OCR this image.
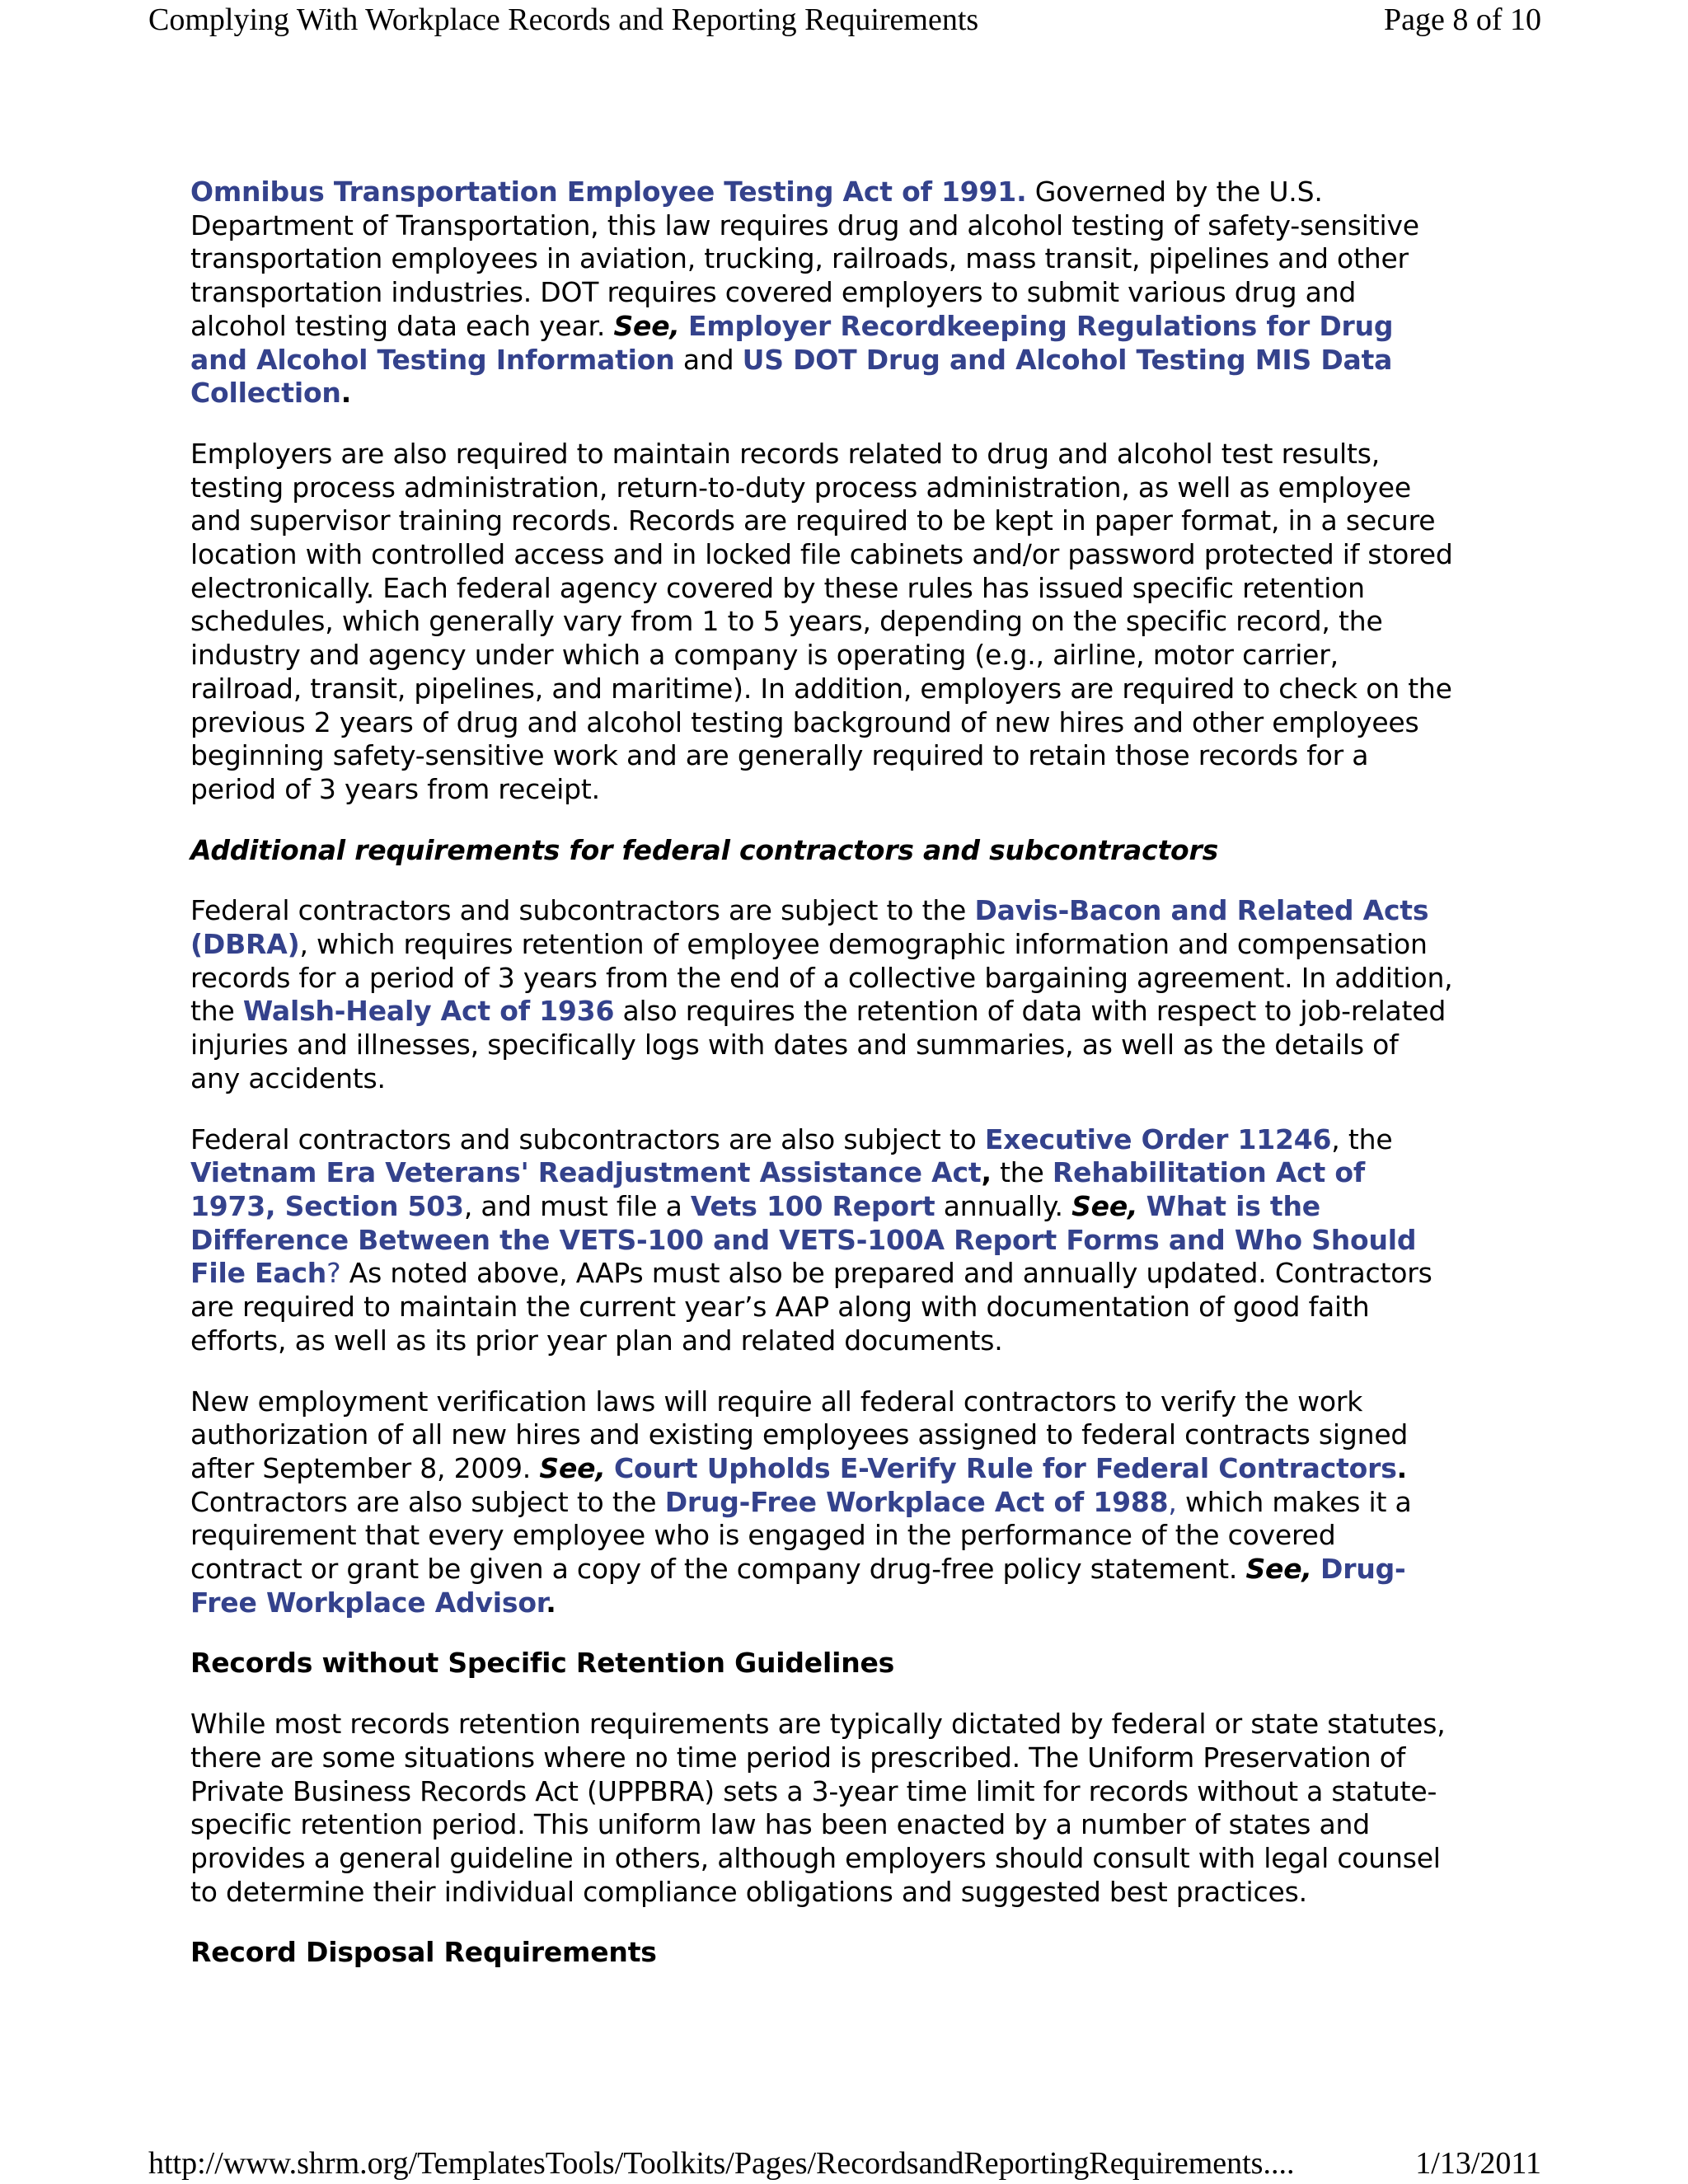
Complying With Workplace Records and Reporting Requirements	Page 8 of 10

Omnibus Transportation Employee Testing Act of 1991. Governed by the U.S. Department of Transportation, this law requires drug and alcohol testing of safety-sensitive transportation employees in aviation, trucking, railroads, mass transit, pipelines and other transportation industries. DOT requires covered employers to submit various drug and alcohol testing data each year. See, Employer Recordkeeping Regulations for Drug and Alcohol Testing Information and US DOT Drug and Alcohol Testing MIS Data Collection.

Employers are also required to maintain records related to drug and alcohol test results, testing process administration, return-to-duty process administration, as well as employee and supervisor training records. Records are required to be kept in paper format, in a secure location with controlled access and in locked file cabinets and/or password protected if stored electronically. Each federal agency covered by these rules has issued specific retention schedules, which generally vary from 1 to 5 years, depending on the specific record, the industry and agency under which a company is operating (e.g., airline, motor carrier, railroad, transit, pipelines, and maritime). In addition, employers are required to check on the previous 2 years of drug and alcohol testing background of new hires and other employees beginning safety-sensitive work and are generally required to retain those records for a period of 3 years from receipt.

Additional requirements for federal contractors and subcontractors

Federal contractors and subcontractors are subject to the Davis-Bacon and Related Acts (DBRA), which requires retention of employee demographic information and compensation records for a period of 3 years from the end of a collective bargaining agreement. In addition, the Walsh-Healy Act of 1936 also requires the retention of data with respect to job-related injuries and illnesses, specifically logs with dates and summaries, as well as the details of any accidents.

Federal contractors and subcontractors are also subject to Executive Order 11246, the Vietnam Era Veterans' Readjustment Assistance Act, the Rehabilitation Act of 1973, Section 503, and must file a Vets 100 Report annually. See, What is the Difference Between the VETS-100 and VETS-100A Report Forms and Who Should File Each? As noted above, AAPs must also be prepared and annually updated. Contractors are required to maintain the current year’s AAP along with documentation of good faith efforts, as well as its prior year plan and related documents.

New employment verification laws will require all federal contractors to verify the work authorization of all new hires and existing employees assigned to federal contracts signed after September 8, 2009. See, Court Upholds E-Verify Rule for Federal Contractors. Contractors are also subject to the Drug-Free Workplace Act of 1988, which makes it a requirement that every employee who is engaged in the performance of the covered contract or grant be given a copy of the company drug-free policy statement. See, Drug-Free Workplace Advisor.

Records without Specific Retention Guidelines

While most records retention requirements are typically dictated by federal or state statutes, there are some situations where no time period is prescribed. The Uniform Preservation of Private Business Records Act (UPPBRA) sets a 3-year time limit for records without a statute-specific retention period. This uniform law has been enacted by a number of states and provides a general guideline in others, although employers should consult with legal counsel to determine their individual compliance obligations and suggested best practices.

Record Disposal Requirements

http://www.shrm.org/TemplatesTools/Toolkits/Pages/RecordsandReportingRequirements....	1/13/2011
